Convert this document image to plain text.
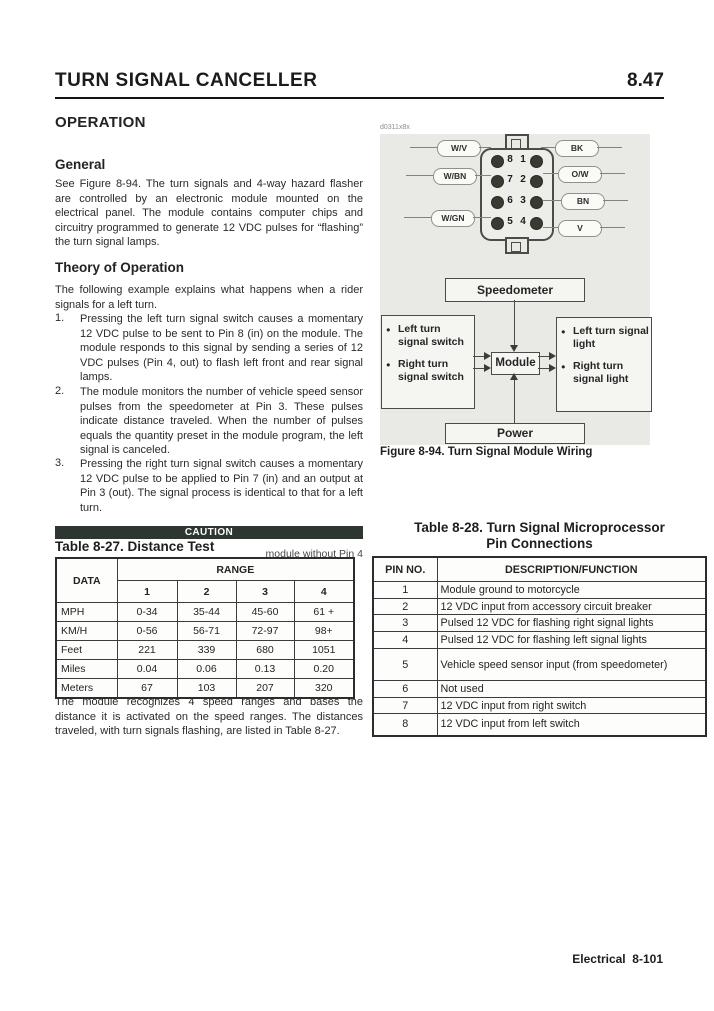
TURN SIGNAL CANCELLER	8.47
OPERATION
General
See Figure 8-94. The turn signals and 4-way hazard flasher are controlled by an electronic module mounted on the electrical panel. The module contains computer chips and circuitry programmed to generate 12 VDC pulses for “flashing” the turn signal lamps.
Theory of Operation
The following example explains what happens when a rider signals for a left turn.
1.	Pressing the left turn signal switch causes a momentary 12 VDC pulse to be sent to Pin 8 (in) on the module. The module responds to this signal by sending a series of 12 VDC pulses (Pin 4, out) to flash left front and rear signal lamps.
2.	The module monitors the number of vehicle speed sensor pulses from the speedometer at Pin 3. These pulses indicate distance traveled. When the number of pulses equals the quantity preset in the module program, the left signal is canceled.
3.	Pressing the right turn signal switch causes a momentary 12 VDC pulse to be applied to Pin 7 (in) and an output at Pin 3 (out). The signal process is identical to that for a left turn.
CAUTION
module without Pin 4
Table 8-27. Distance Test
DATA	RANGE			
	1	2	3	4
MPH	0-34	35-44	45-60	61 +
KM/H	0-56	56-71	72-97	98+
Feet	221	339	680	1051
Miles	0.04	0.06	0.13	0.20
Meters	67	103	207	320
The module recognizes 4 speed ranges and bases the distance it is activated on the speed ranges. The distances traveled, with turn signals flashing, are listed in Table 8-27.
d0311x8x
8 1
7 2
6 3
5 4
W/V
W/BN
W/GN
BK
O/W
BN
V
Speedometer
● Left turn signal switch
● Right turn signal switch
Module
● Left turn signal light
● Right turn signal light
Power
Figure 8-94. Turn Signal Module Wiring
Table 8-28. Turn Signal Microprocessor
Pin Connections
PIN NO.	DESCRIPTION/FUNCTION
1	Module ground to motorcycle
2	12 VDC input from accessory circuit breaker
3	Pulsed 12 VDC for flashing right signal lights
4	Pulsed 12 VDC for flashing left signal lights
5	Vehicle speed sensor input (from speedometer)
6	Not used
7	12 VDC input from right switch
8	12 VDC input from left switch
Electrical  8-101
